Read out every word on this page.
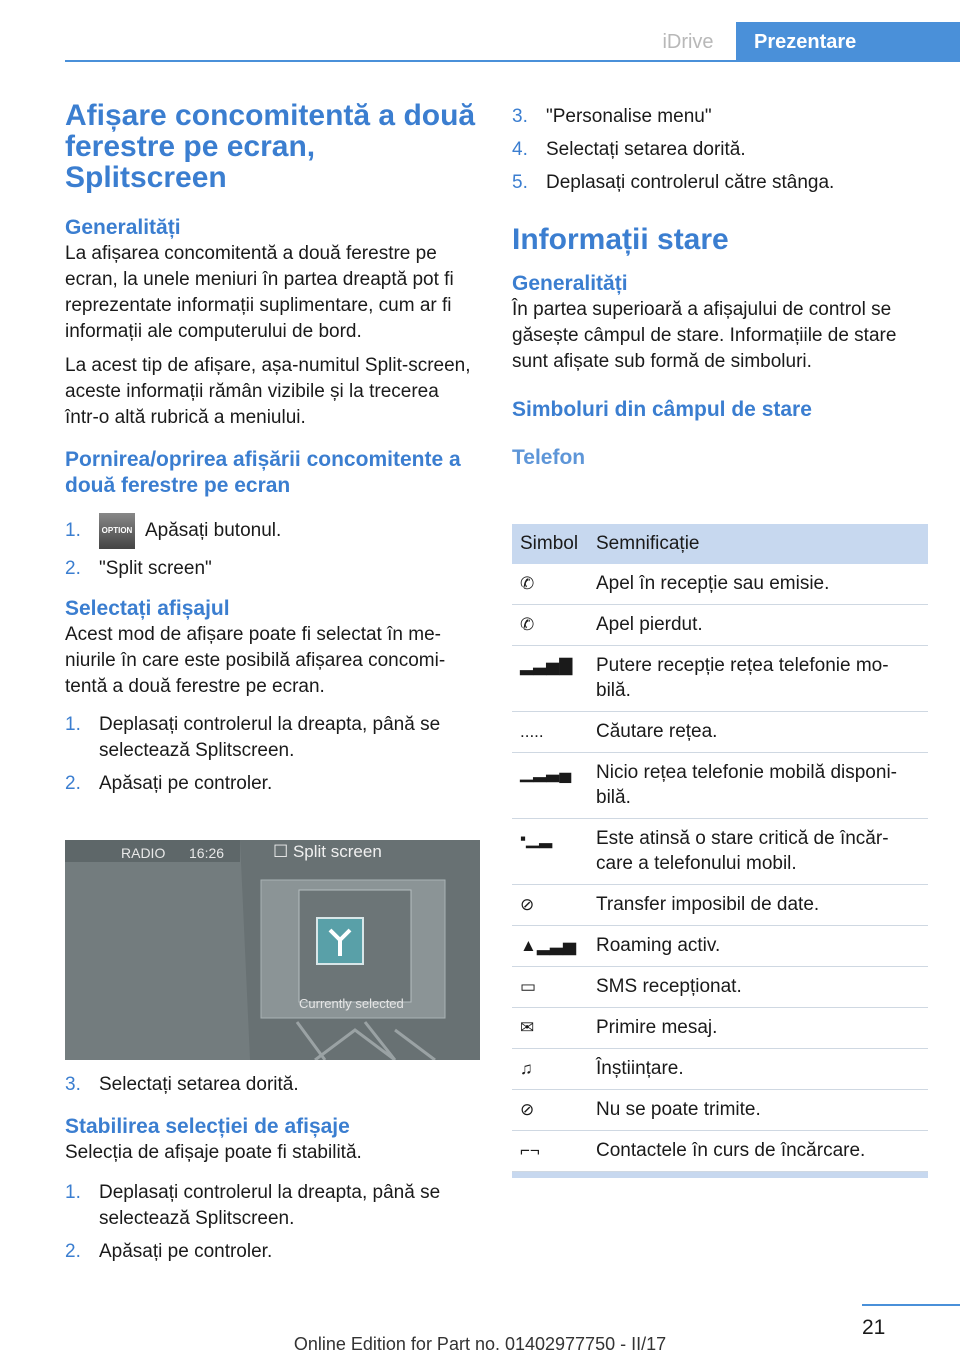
iDrive	Prezentare
Afișare concomitentă a două ferestre pe ecran, Splitscreen
Generalități

La afișarea concomitentă a două ferestre pe ecran, la unele meniuri în partea dreaptă pot fi reprezentate informații suplimentare, cum ar fi informații ale computerului de bord.

La acest tip de afișare, așa-numitul Split-screen, aceste informații rămân vizibile și la trecerea într-o altă rubrică a meniului.

Pornirea/oprirea afișării concomitente a două ferestre pe ecran
1.	OPTION Apăsați butonul.
2. "Split screen"
Selectați afișajul

Acest mod de afișare poate fi selectat în me-niurile în care este posibilă afișarea concomi-tentă a două ferestre pe ecran.

1. Deplasați controlerul la dreapta, până se selectează Splitscreen.
2. Apăsați pe controler.
RADIO 16:26	☐ Split screen
Currently selected
3. Selectați setarea dorită.
Stabilirea selecției de afișaje

Selecția de afișaje poate fi stabilită.

1. Deplasați controlerul la dreapta, până se selectează Splitscreen.
2. Apăsați pe controler.
3. "Personalise menu"
4. Selectați setarea dorită.
5. Deplasați controlerul către stânga.
Informații stare
Generalități

În partea superioară a afișajului de control se găsește câmpul de stare. Informațiile de stare sunt afișate sub formă de simboluri.

Simboluri din câmpul de stare
Telefon
Simbol Semnificație
✆	Apel în recepție sau emisie.
✆	Apel pierdut.
▂▃▅▇	Putere recepție rețea telefonie mo-bilă.
.....	Căutare rețea.
▁▂▃▄	Nicio rețea telefonie mobilă disponi-bilă.
▪▁▂	Este atinsă o stare critică de încăr-care a telefonului mobil.
⊘	Transfer imposibil de date.
▲▂▃▅	Roaming activ.
▭	SMS recepționat.
✉	Primire mesaj.
♫	Înștiințare.
⊘	Nu se poate trimite.
⌐¬	Contactele în curs de încărcare.
21
Online Edition for Part no. 01402977750 - II/17
